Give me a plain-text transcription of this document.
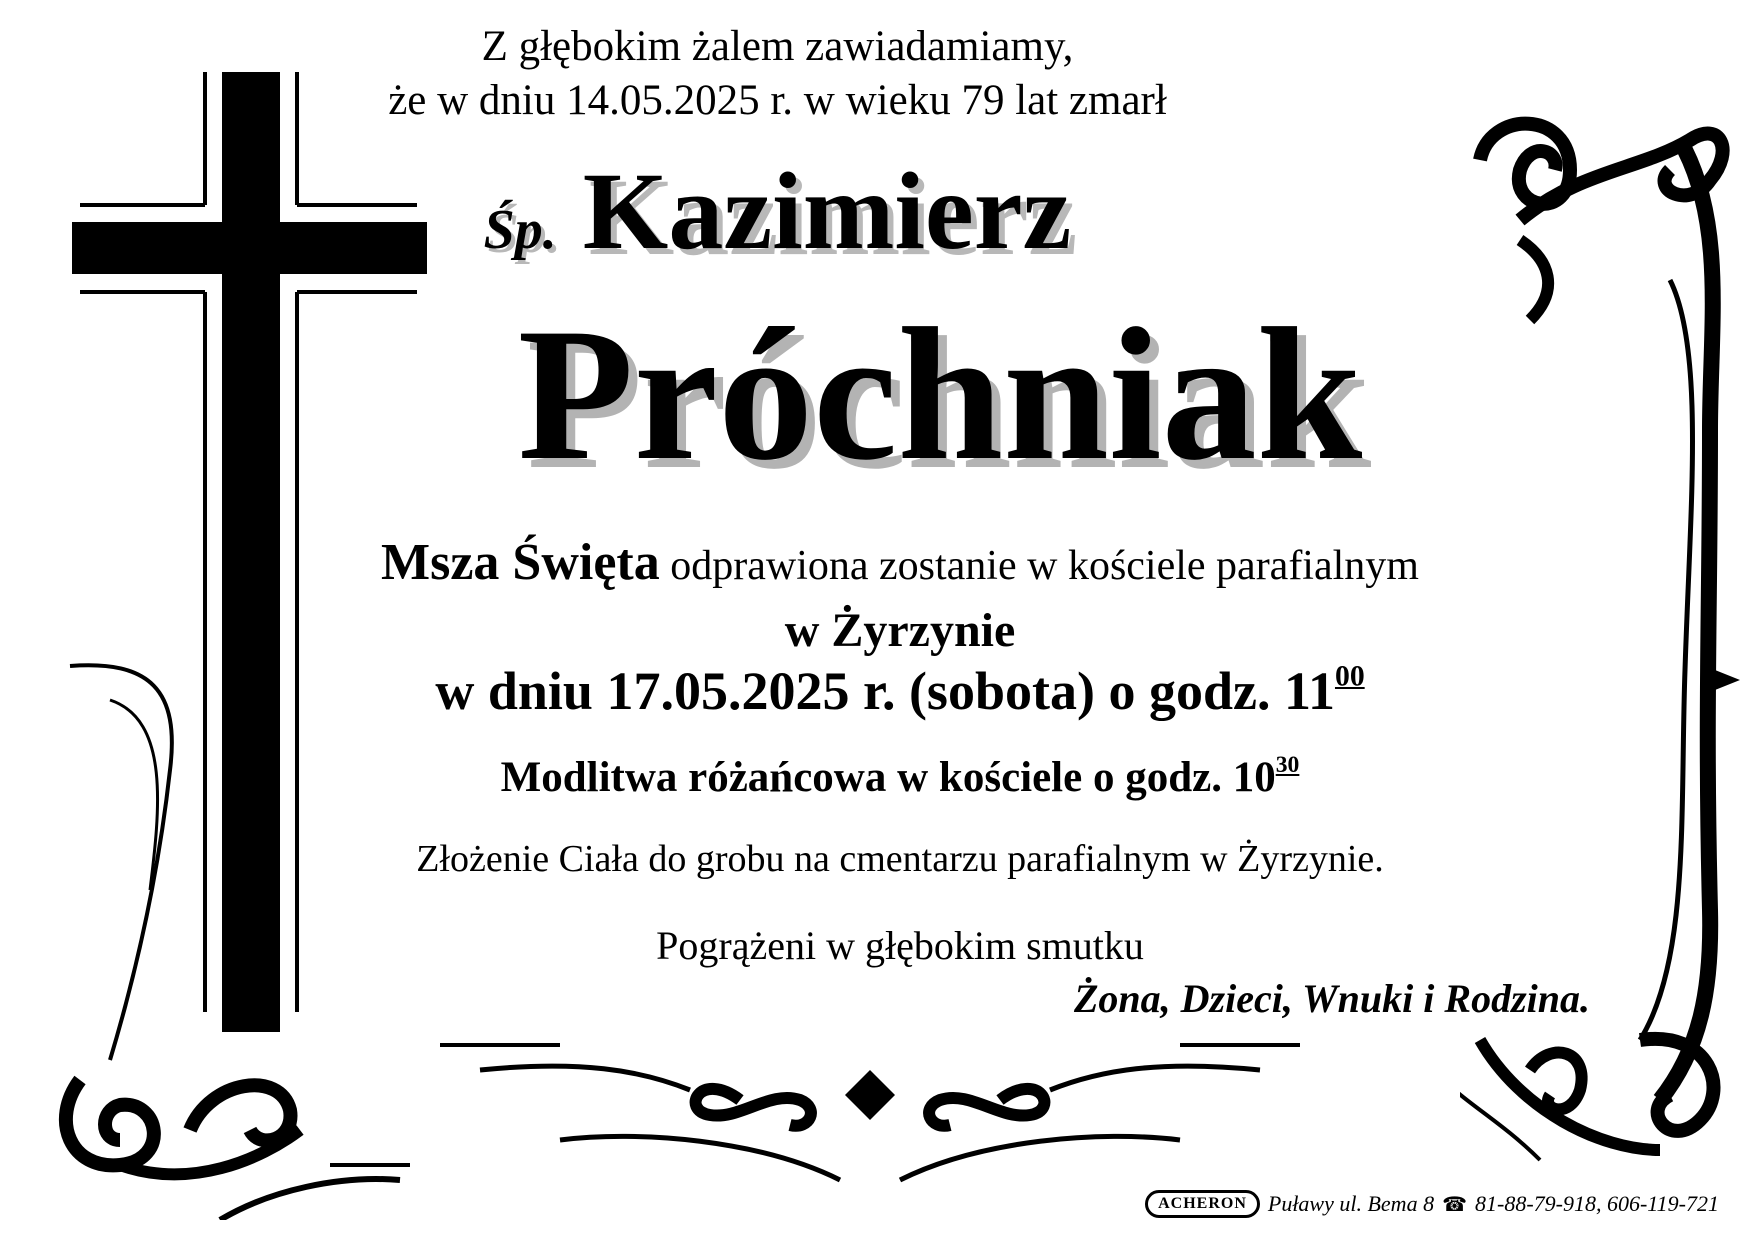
Z głębokim żalem zawiadamiamy,
że w dniu 14.05.2025 r. w wieku 79 lat zmarł
Śp. Kazimierz
Próchniak
Msza Święta odprawiona zostanie w kościele parafialnym
w Żyrzynie
w dniu 17.05.2025 r. (sobota) o godz. $11^{00}$
Modlitwa różańcowa w kościele o godz. $10^{30}$
Złożenie Ciała do grobu na cmentarzu parafialnym w Żyrzynie.
Pogrążeni w głębokim smutku
Żona, Dzieci, Wnuki i Rodzina.
ACHERON Puławy ul. Bema 8 ☎ 81-88-79-918, 606-119-721
